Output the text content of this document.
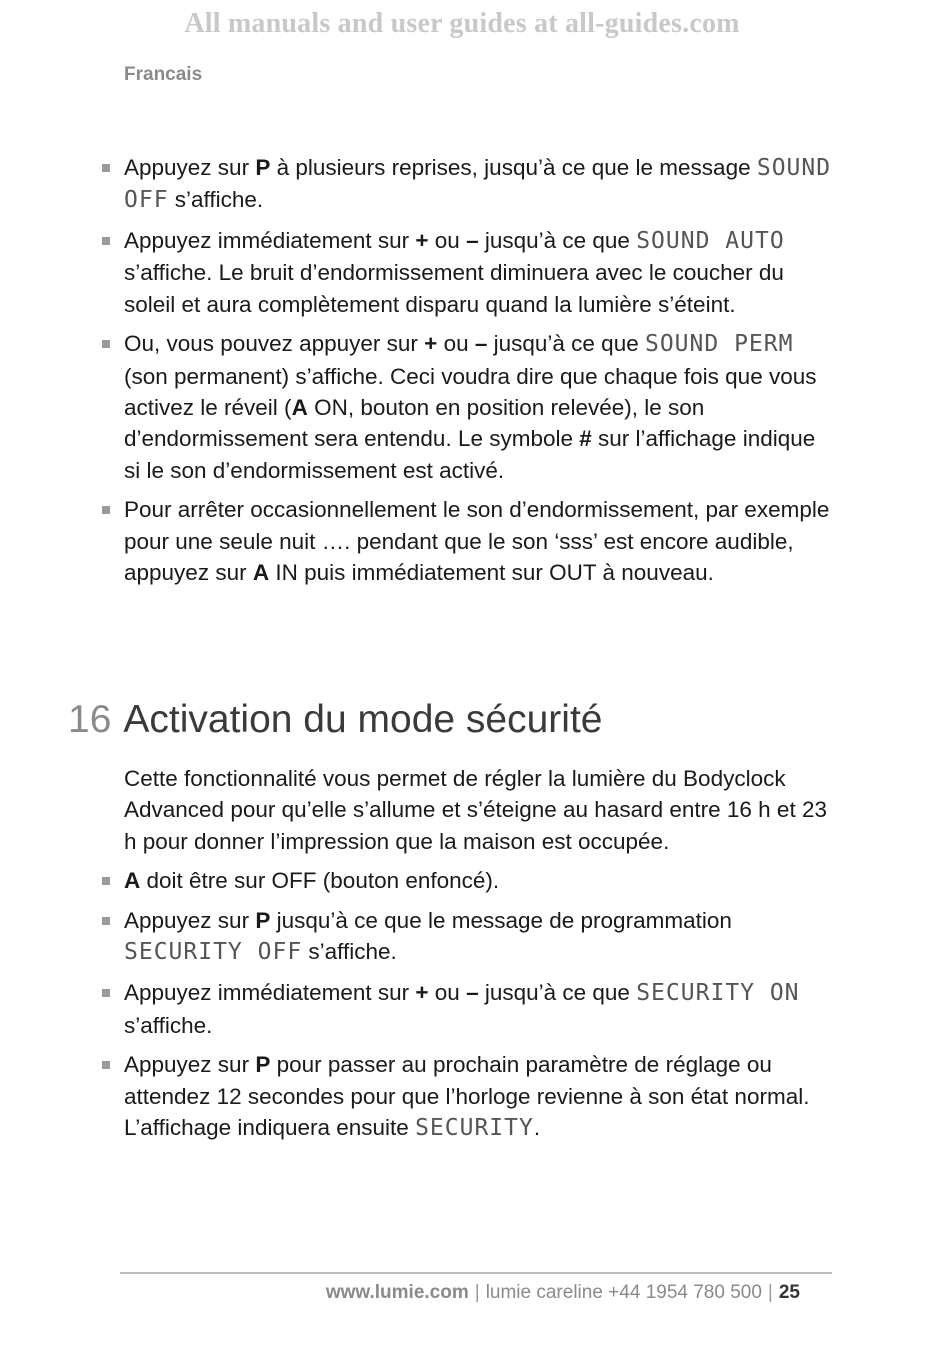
All manuals and user guides at all-guides.com
Francais
Appuyez sur P à plusieurs reprises, jusqu’à ce que le message SOUND OFF s’affiche.
Appuyez immédiatement sur + ou – jusqu’à ce que SOUND AUTO s’affiche. Le bruit d’endormissement diminuera avec le coucher du soleil et aura complètement disparu quand la lumière s’éteint.
Ou, vous pouvez appuyer sur + ou – jusqu’à ce que SOUND PERM (son permanent) s’affiche. Ceci voudra dire que chaque fois que vous activez le réveil (A ON, bouton en position relevée), le son d’endormissement sera entendu. Le symbole # sur l’affichage indique si le son d’endormissement est activé.
Pour arrêter occasionnellement le son d’endormissement, par exemple pour une seule nuit …. pendant que le son ‘sss’ est encore audible, appuyez sur A IN puis immédiatement sur OUT à nouveau.
16 Activation du mode sécurité

Cette fonctionnalité vous permet de régler la lumière du Bodyclock Advanced pour qu’elle s’allume et s’éteigne au hasard entre 16 h et 23 h pour donner l’impression que la maison est occupée.

A doit être sur OFF (bouton enfoncé).
Appuyez sur P jusqu’à ce que le message de programmation SECURITY OFF s’affiche.
Appuyez immédiatement sur + ou – jusqu’à ce que SECURITY ON s’affiche.
Appuyez sur P pour passer au prochain paramètre de réglage ou attendez 12 secondes pour que l’horloge revienne à son état normal. L’affichage indiquera ensuite SECURITY.
www.lumie.com | lumie careline +44 1954 780 500 | 25
